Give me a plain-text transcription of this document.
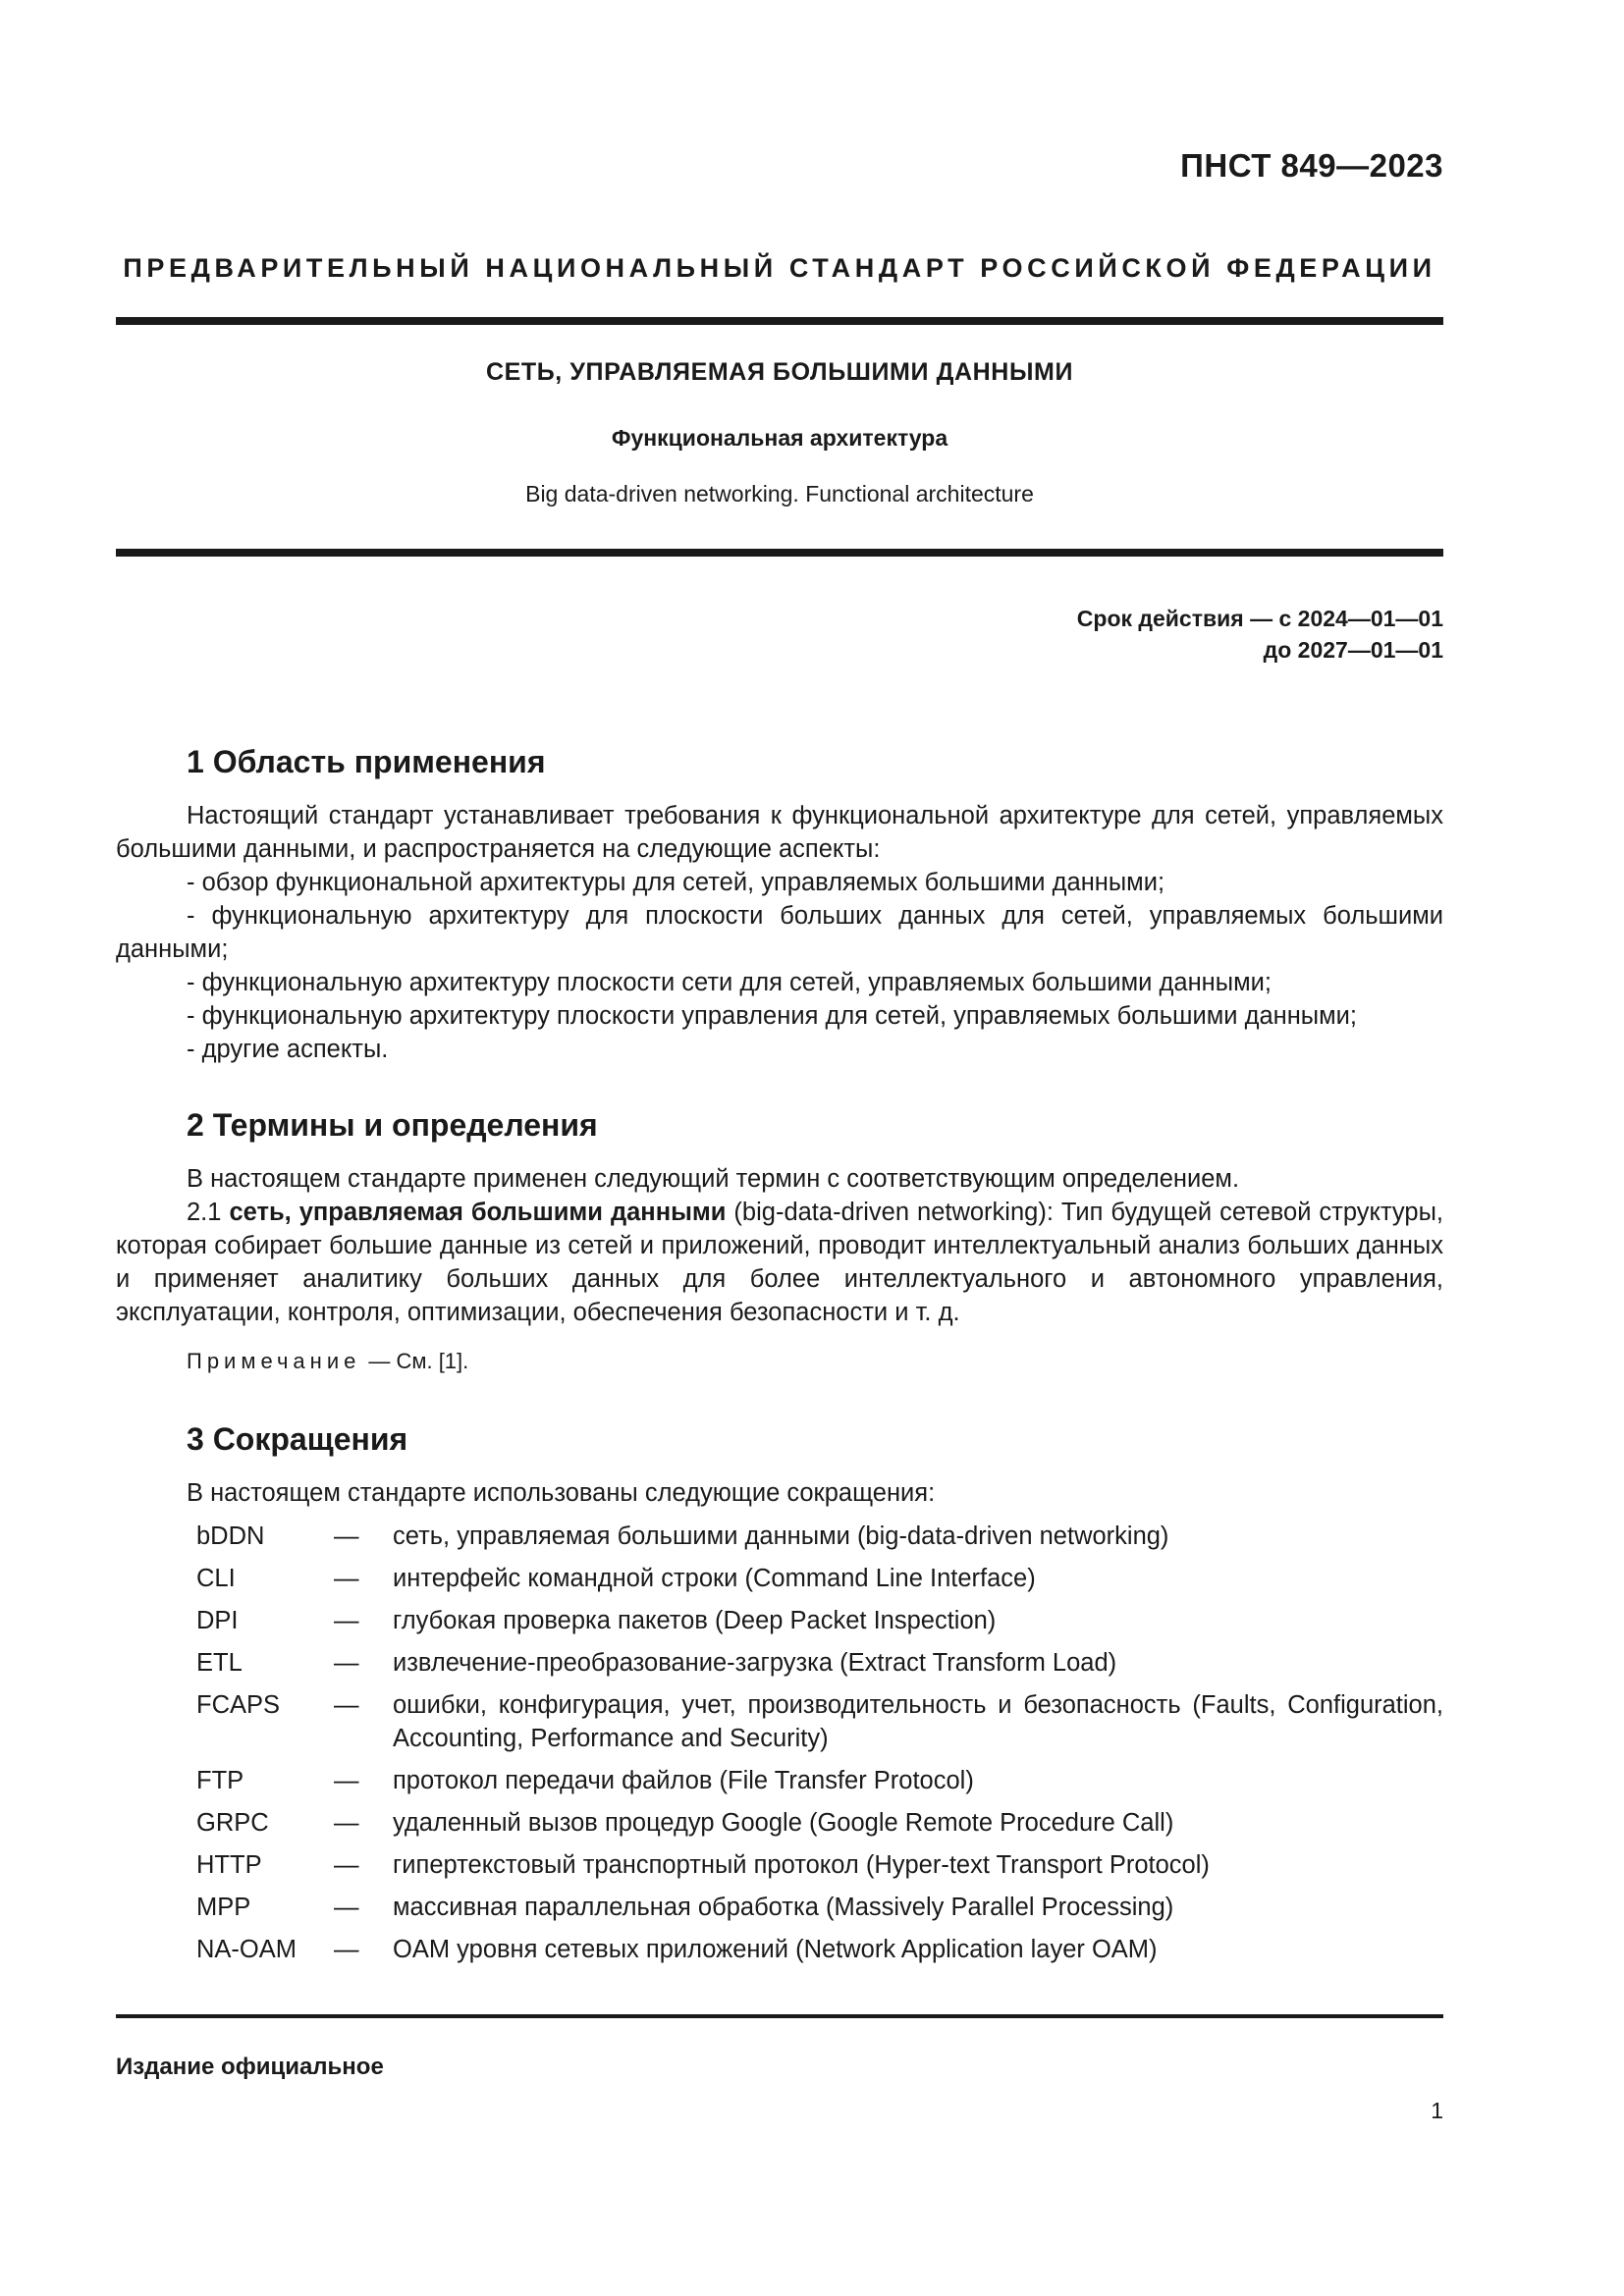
ПНСТ 849—2023
ПРЕДВАРИТЕЛЬНЫЙ НАЦИОНАЛЬНЫЙ СТАНДАРТ РОССИЙСКОЙ ФЕДЕРАЦИИ
СЕТЬ, УПРАВЛЯЕМАЯ БОЛЬШИМИ ДАННЫМИ
Функциональная архитектура
Big data-driven networking. Functional architecture
Срок действия — с 2024—01—01
до 2027—01—01
1 Область применения

Настоящий стандарт устанавливает требования к функциональной архитектуре для сетей, управляемых большими данными, и распространяется на следующие аспекты:

- обзор функциональной архитектуры для сетей, управляемых большими данными;

- функциональную архитектуру для плоскости больших данных для сетей, управляемых большими данными;

- функциональную архитектуру плоскости сети для сетей, управляемых большими данными;

- функциональную архитектуру плоскости управления для сетей, управляемых большими данными;

- другие аспекты.

2 Термины и определения

В настоящем стандарте применен следующий термин с соответствующим определением.

2.1 сеть, управляемая большими данными (big-data-driven networking): Тип будущей сетевой структуры, которая собирает большие данные из сетей и приложений, проводит интеллектуальный анализ больших данных и применяет аналитику больших данных для более интеллектуального и автономного управления, эксплуатации, контроля, оптимизации, обеспечения безопасности и т. д.

Примечание — См. [1].
3 Сокращения

В настоящем стандарте использованы следующие сокращения:

bDDN	—	сеть, управляемая большими данными (big-data-driven networking)
CLI	—	интерфейс командной строки (Command Line Interface)
DPI	—	глубокая проверка пакетов (Deep Packet Inspection)
ETL	—	извлечение-преобразование-загрузка (Extract Transform Load)
FCAPS	—	ошибки, конфигурация, учет, производительность и безопасность (Faults, Configuration, Accounting, Performance and Security)
FTP	—	протокол передачи файлов (File Transfer Protocol)
GRPC	—	удаленный вызов процедур Google (Google Remote Procedure Call)
HTTP	—	гипертекстовый транспортный протокол (Hyper-text Transport Protocol)
MPP	—	массивная параллельная обработка (Massively Parallel Processing)
NA-OAM	—	OAM уровня сетевых приложений (Network Application layer OAM)
Издание официальное
1
